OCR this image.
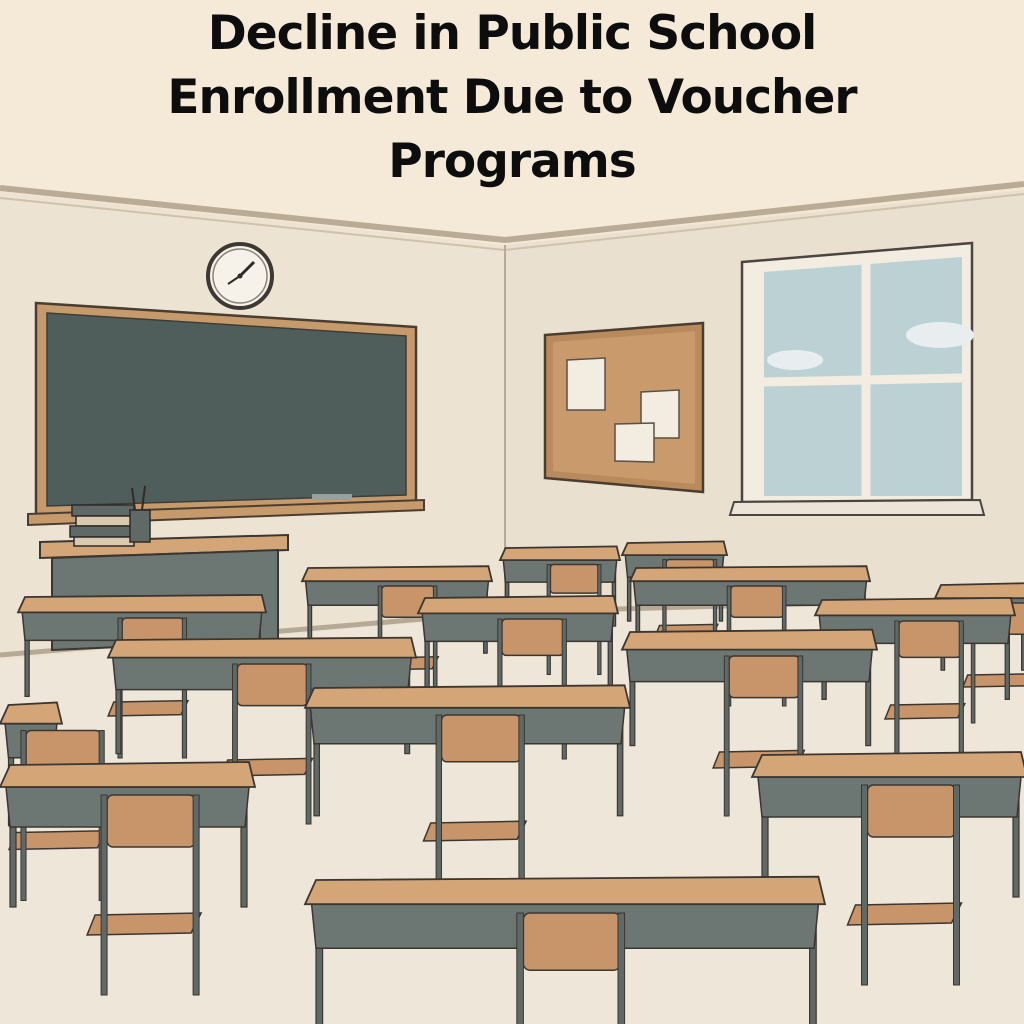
Decline in Public School
Enrollment Due to Voucher
Programs
